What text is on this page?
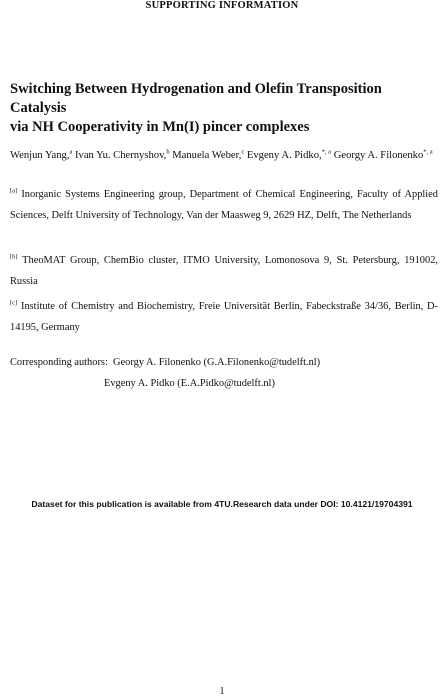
SUPPORTING INFORMATION
Switching Between Hydrogenation and Olefin Transposition Catalysis
via NH Cooperativity in Mn(I) pincer complexes
Wenjun Yang,$^a$ Ivan Yu. Chernyshov,$^b$ Manuela Weber,$^c$ Evgeny A. Pidko,$^{*, a}$ Georgy A. Filonenko$^{*, a}$
[a] Inorganic Systems Engineering group, Department of Chemical Engineering, Faculty of Applied Sciences, Delft University of Technology, Van der Maasweg 9, 2629 HZ, Delft, The Netherlands
[b] TheoMAT Group, ChemBio cluster, ITMO University, Lomonosova 9, St. Petersburg, 191002, Russia
[c] Institute of Chemistry and Biochemistry, Freie Universität Berlin, Fabeckstraße 34/36, Berlin, D-14195, Germany
Corresponding authors: Georgy A. Filonenko (G.A.Filonenko@tudelft.nl)
Evgeny A. Pidko (E.A.Pidko@tudelft.nl)
Dataset for this publication is available from 4TU.Research data under DOI: 10.4121/19704391
1
